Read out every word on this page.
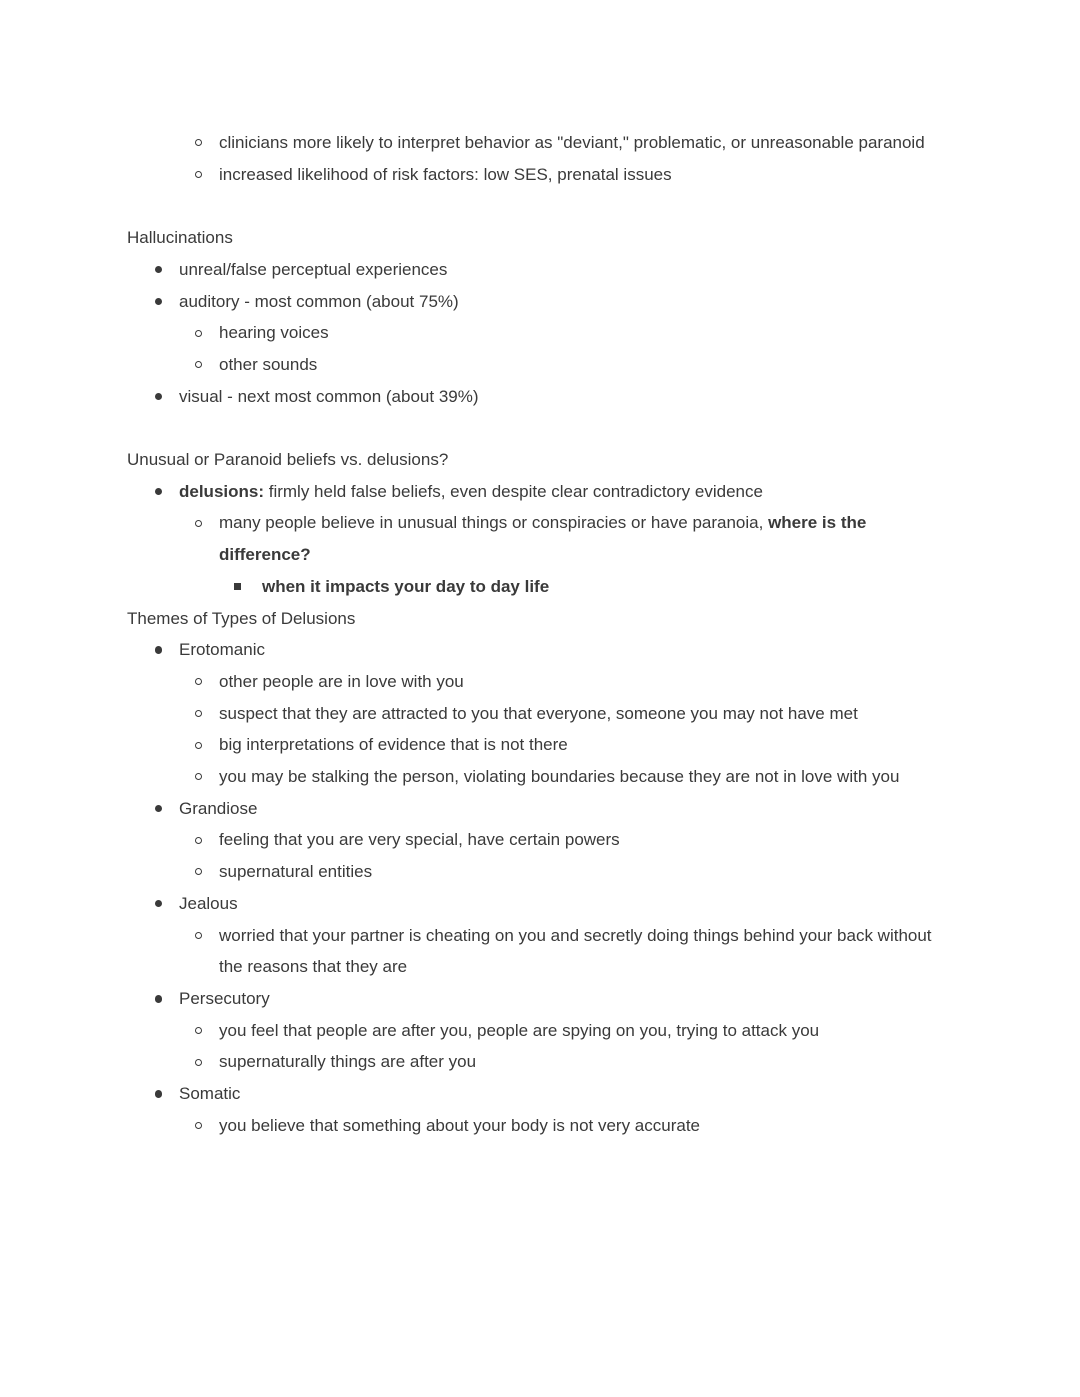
clinicians more likely to interpret behavior as "deviant," problematic, or unreasonable paranoid
increased likelihood of risk factors: low SES, prenatal issues
Hallucinations
unreal/false perceptual experiences
auditory - most common (about 75%)
hearing voices
other sounds
visual - next most common (about 39%)
Unusual or Paranoid beliefs vs. delusions?
delusions: firmly held false beliefs, even despite clear contradictory evidence
many people believe in unusual things or conspiracies or have paranoia, where is the difference?
when it impacts your day to day life
Themes of Types of Delusions
Erotomanic
other people are in love with you
suspect that they are attracted to you that everyone, someone you may not have met
big interpretations of evidence that is not there
you may be stalking the person, violating boundaries because they are not in love with you
Grandiose
feeling that you are very special, have certain powers
supernatural entities
Jealous
worried that your partner is cheating on you and secretly doing things behind your back without the reasons that they are
Persecutory
you feel that people are after you, people are spying on you, trying to attack you
supernaturally things are after you
Somatic
you believe that something about your body is not very accurate
